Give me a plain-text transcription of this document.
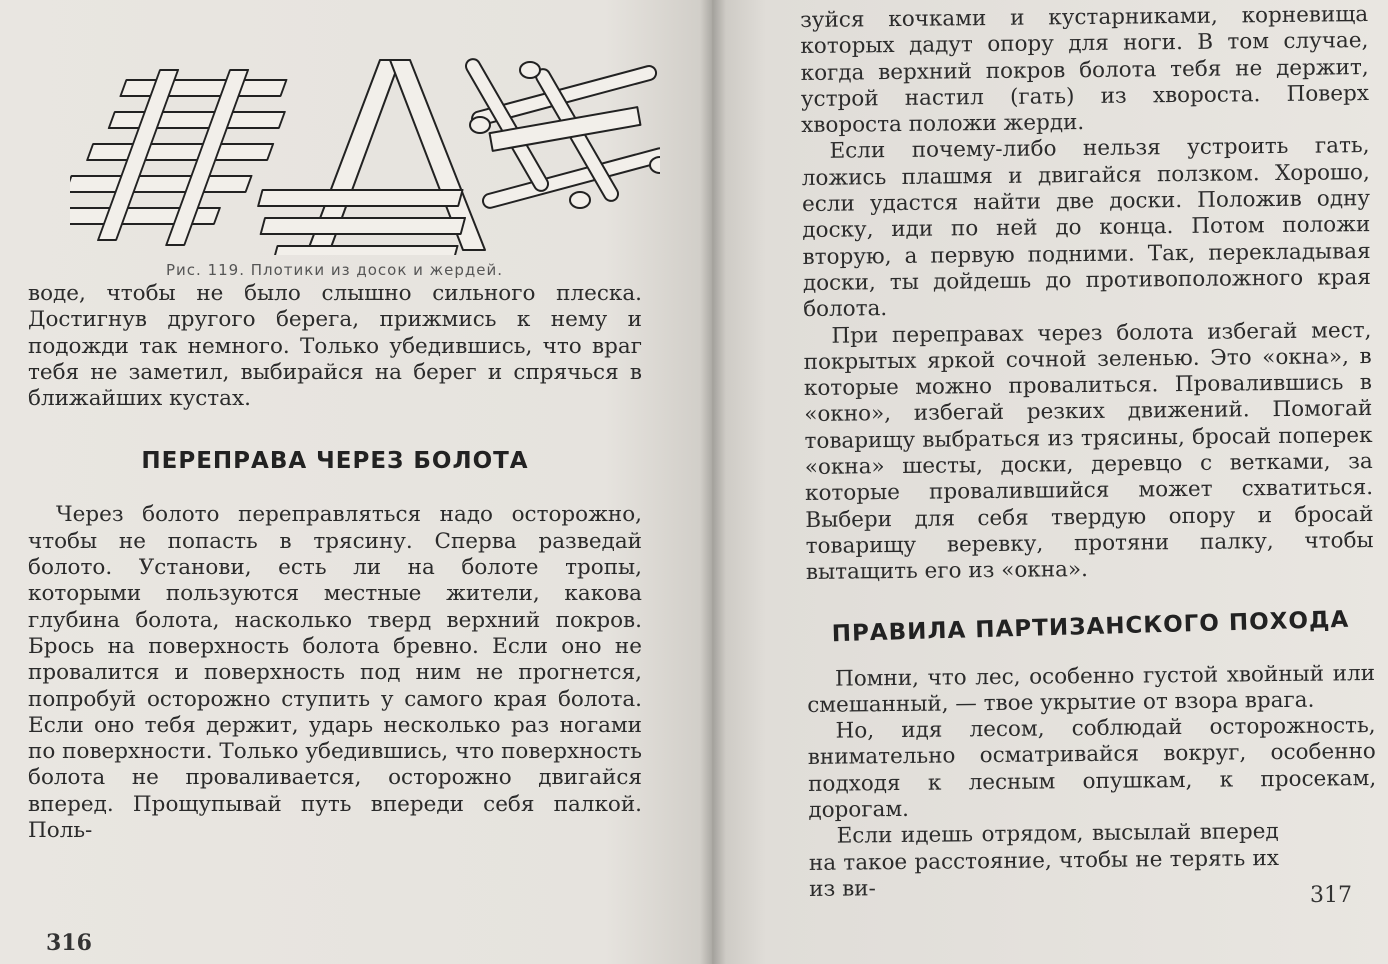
Рис. 119. Плотики из досок и жердей.

воде, чтобы не было слышно сильного плеска. Достигнув другого берега, прижмись к нему и подожди так немного. Только убедившись, что враг тебя не заметил, выбирайся на берег и спрячься в ближайших кустах.

ПЕРЕПРАВА ЧЕРЕЗ БОЛОТА

Через болото переправляться надо осторожно, чтобы не попасть в трясину. Сперва разведай болото. Установи, есть ли на болоте тропы, которыми пользуются местные жители, какова глубина болота, насколько тверд верхний покров. Брось на поверхность болота бревно. Если оно не провалится и поверхность под ним не прогнется, попробуй осторожно ступить у самого края болота. Если оно тебя держит, ударь несколько раз ногами по поверхности. Только убедившись, что поверхность болота не проваливается, осторожно двигайся вперед. Прощупывай путь впереди себя палкой. Поль-

316

зуйся кочками и кустарниками, корневища которых дадут опору для ноги. В том случае, когда верхний покров болота тебя не держит, устрой настил (гать) из хвороста. Поверх хвороста положи жерди.

Если почему-либо нельзя устроить гать, ложись плашмя и двигайся ползком. Хорошо, если удастся найти две доски. Положив одну доску, иди по ней до конца. Потом положи вторую, а первую подними. Так, перекладывая доски, ты дойдешь до противоположного края болота.

При переправах через болота избегай мест, покрытых яркой сочной зеленью. Это «окна», в которые можно провалиться. Провалившись в «окно», избегай резких движений. Помогай товарищу выбраться из трясины, бросай поперек «окна» шесты, доски, деревцо с ветками, за которые провалившийся может схватиться. Выбери для себя твердую опору и бросай товарищу веревку, протяни палку, чтобы вытащить его из «окна».

ПРАВИЛА ПАРТИЗАНСКОГО ПОХОДА

Помни, что лес, особенно густой хвойный или смешанный, — твое укрытие от взора врага.

Но, идя лесом, соблюдай осторожность, внимательно осматривайся вокруг, особенно подходя к лесным опушкам, к просекам, дорогам.

Если идешь отрядом, высылай вперед на такое расстояние, чтобы не терять их из ви-	317
